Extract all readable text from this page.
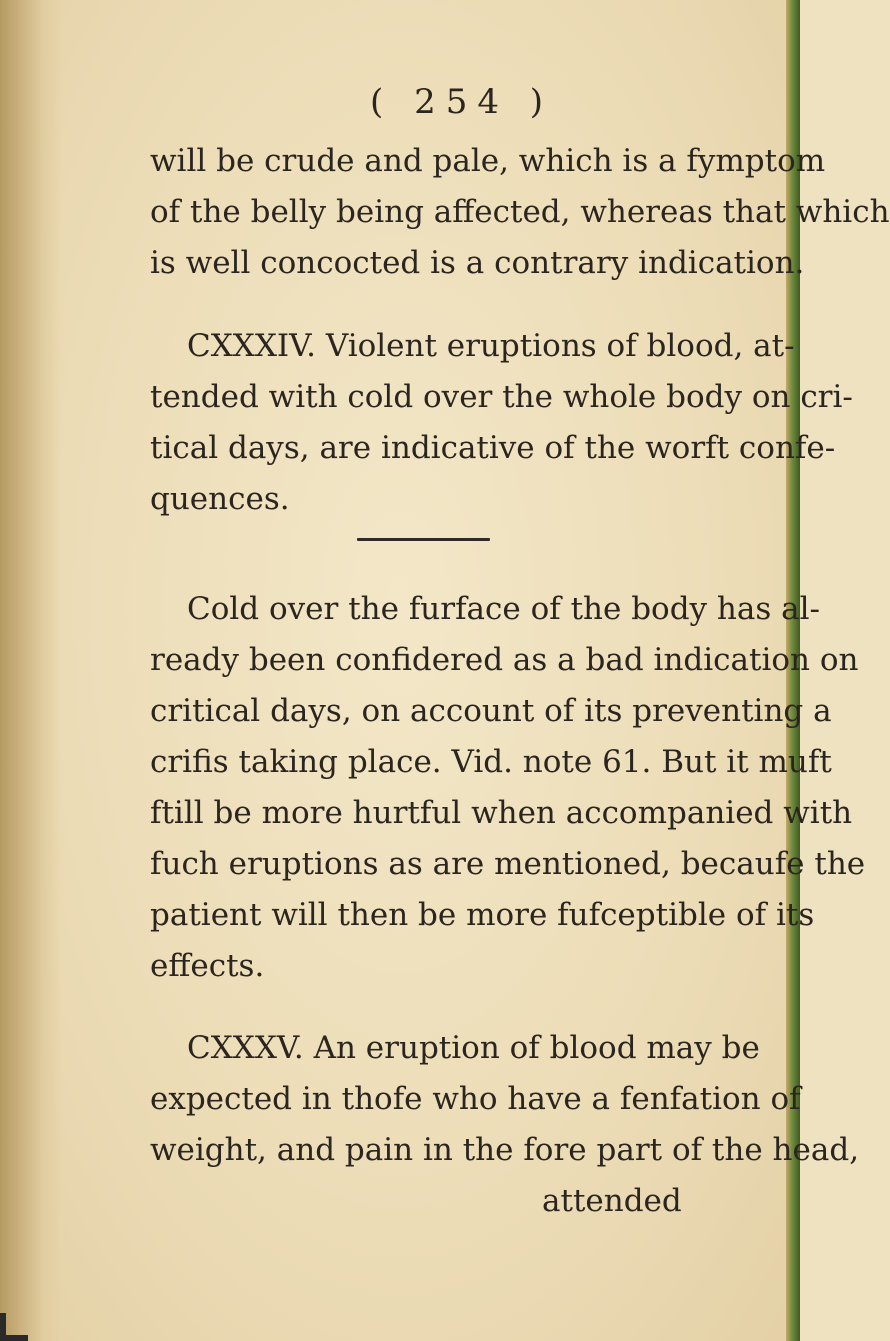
( 254 )
will be crude and pale, which is a fymptom
of the belly being affected, whereas that which
is well concocted is a contrary indication.
CXXXIV. Violent eruptions of blood, at-
tended with cold over the whole body on cri-
tical days, are indicative of the worft confe-
quences.
Cold over the furface of the body has al-
ready been confidered as a bad indication on
critical days, on account of its preventing a
crifis taking place. Vid. note 61. But it muft
ftill be more hurtful when accompanied with
fuch eruptions as are mentioned, becaufe the
patient will then be more fufceptible of its
effects.
CXXXV. An eruption of blood may be
expected in thofe who have a fenfation of
weight, and pain in the fore part of the head,
attended
